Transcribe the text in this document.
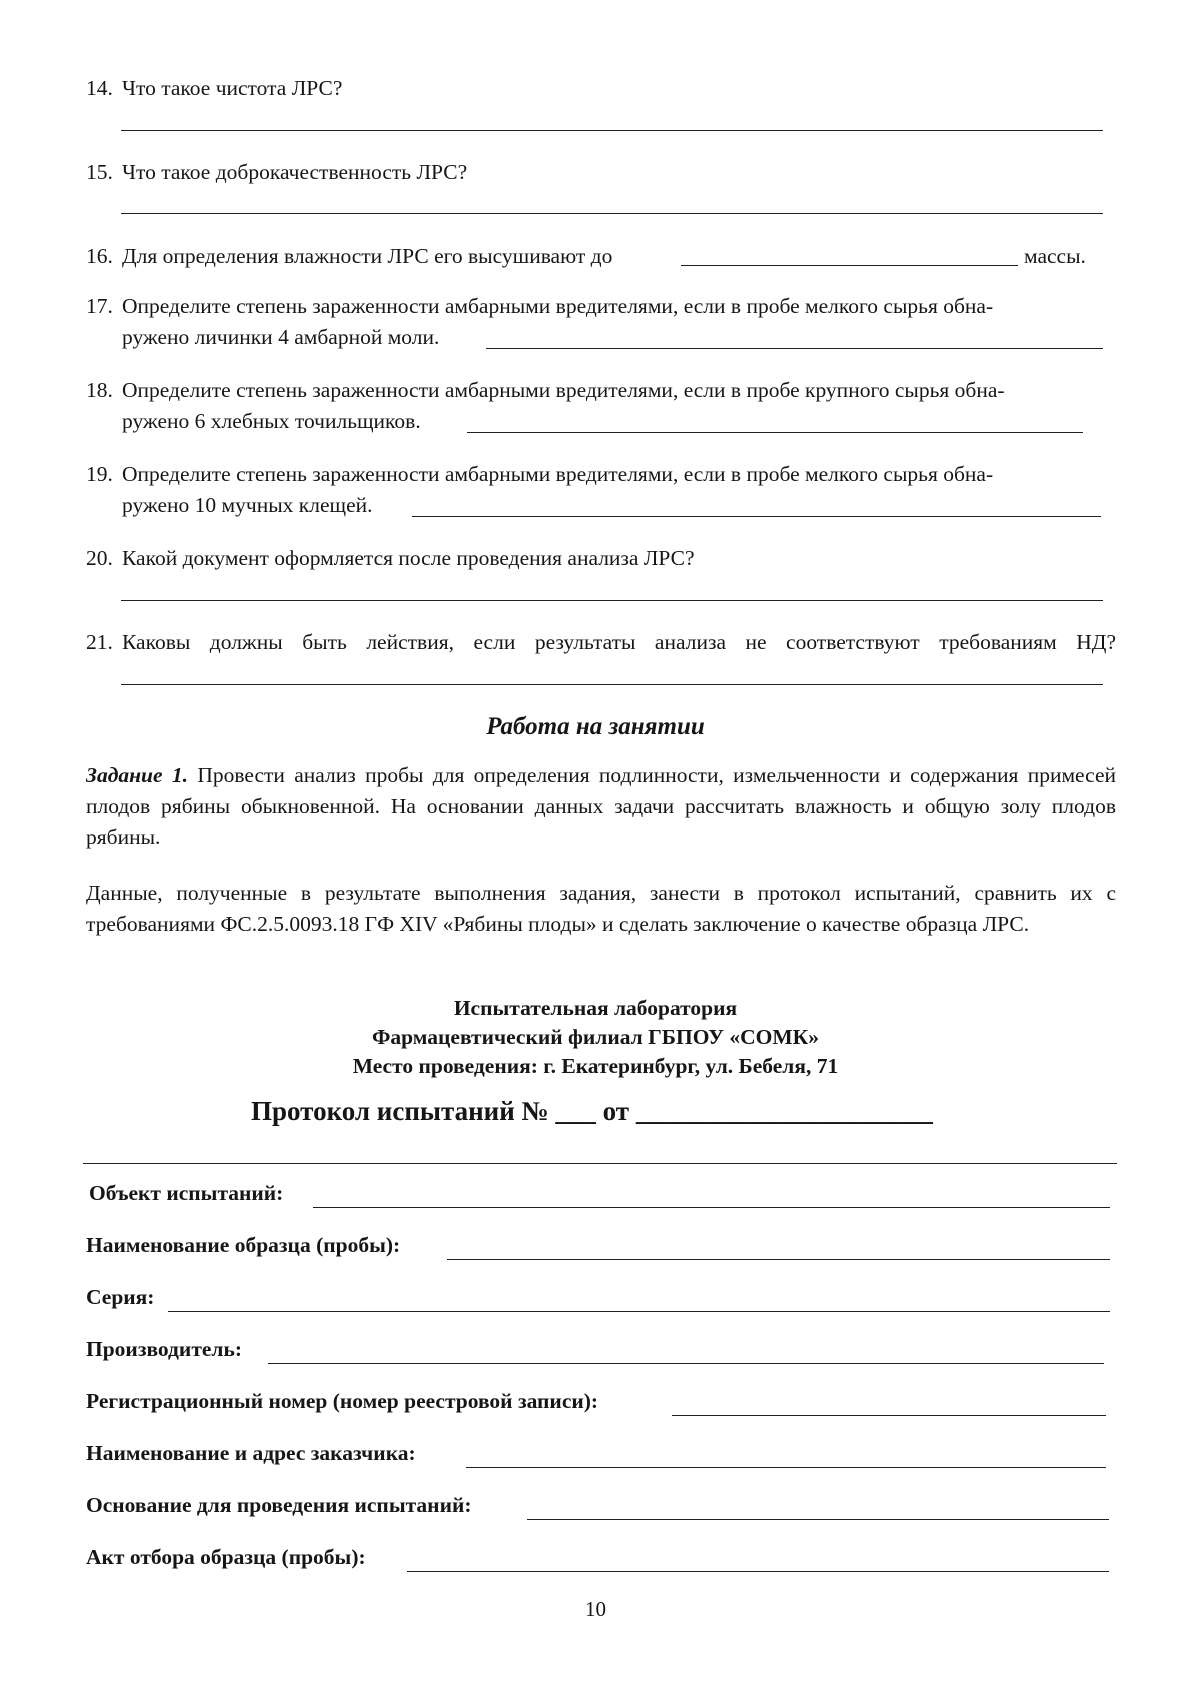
14. Что такое чистота ЛРС?
15. Что такое доброкачественность ЛРС?
16. Для определения влажности ЛРС его высушивают до	массы.
17. Определите степень зараженности амбарными вредителями, если в пробе мелкого сырья обна-
ружено личинки 4 амбарной моли.
18. Определите степень зараженности амбарными вредителями, если в пробе крупного сырья обна-
ружено 6 хлебных точильщиков.
19. Определите степень зараженности амбарными вредителями, если в пробе мелкого сырья обна-
ружено 10 мучных клещей.
20. Какой документ оформляется после проведения анализа ЛРС?
21. Каковы должны быть лействия, если результаты анализа не соответствуют требованиям НД?
Работа на занятии
Задание 1. Провести анализ пробы для определения подлинности, измельченности и содержания примесей плодов рябины обыкновенной. На основании данных задачи рассчитать влажность и общую золу плодов рябины.
Данные, полученные в результате выполнения задания, занести в протокол испытаний, сравнить их с требованиями ФС.2.5.0093.18 ГФ XIV «Рябины плоды» и сделать заключение о качестве образца ЛРС.
Испытательная лаборатория
Фармацевтический филиал ГБПОУ «СОМК»
Место проведения: г. Екатеринбург, ул. Бебеля, 71
Протокол испытаний № ___ от ______________________
Объект испытаний:
Наименование образца (пробы):
Серия:
Производитель:
Регистрационный номер (номер реестровой записи):
Наименование и адрес заказчика:
Основание для проведения испытаний:
Акт отбора образца (пробы):
10
